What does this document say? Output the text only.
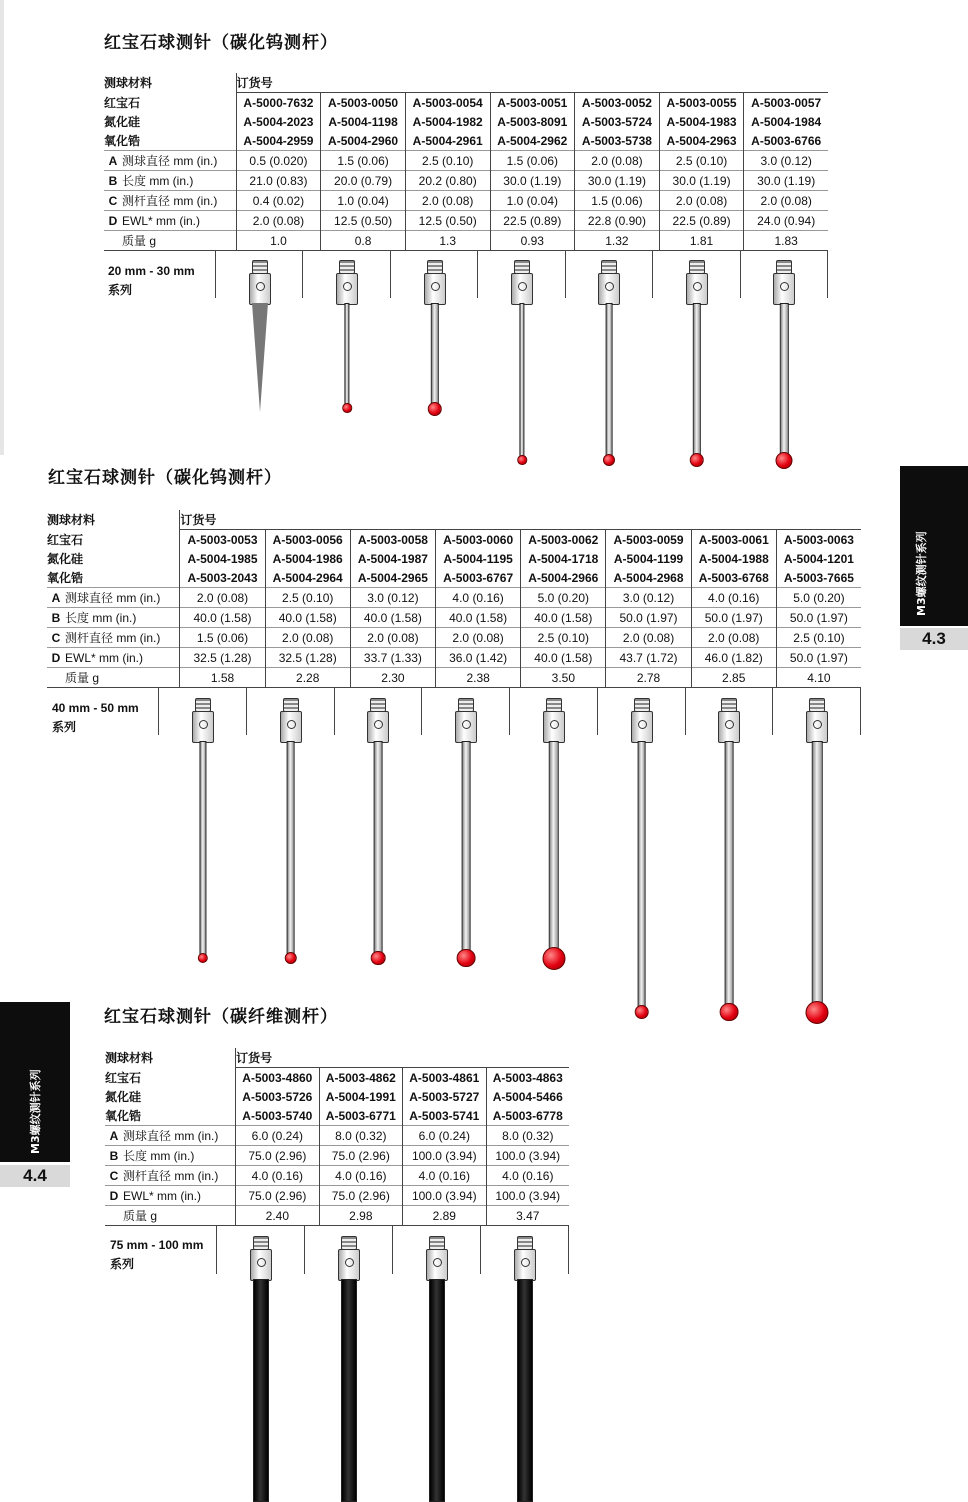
红宝石球测针（碳化钨测杆）
测球材料		订货号						
红宝石		A-5000-7632	A-5003-0050	A-5003-0054	A-5003-0051	A-5003-0052	A-5003-0055	A-5003-0057
氮化硅		A-5004-2023	A-5004-1198	A-5004-1982	A-5003-8091	A-5003-5724	A-5004-1983	A-5004-1984
氧化锆		A-5004-2959	A-5004-2960	A-5004-2961	A-5004-2962	A-5003-5738	A-5004-2963	A-5003-6766
A	测球直径 mm (in.)	0.5 (0.020)	1.5 (0.06)	2.5 (0.10)	1.5 (0.06)	2.0 (0.08)	2.5 (0.10)	3.0 (0.12)
B	长度 mm (in.)	21.0 (0.83)	20.0 (0.79)	20.2 (0.80)	30.0 (1.19)	30.0 (1.19)	30.0 (1.19)	30.0 (1.19)
C	测杆直径 mm (in.)	0.4 (0.02)	1.0 (0.04)	2.0 (0.08)	1.0 (0.04)	1.5 (0.06)	2.0 (0.08)	2.0 (0.08)
D	EWL* mm (in.)	2.0 (0.08)	12.5 (0.50)	12.5 (0.50)	22.5 (0.89)	22.8 (0.90)	22.5 (0.89)	24.0 (0.94)
	质量 g	1.0	0.8	1.3	0.93	1.32	1.81	1.83
20 mm - 30 mm
系列
红宝石球测针（碳化钨测杆）
测球材料		订货号							
红宝石		A-5003-0053	A-5003-0056	A-5003-0058	A-5003-0060	A-5003-0062	A-5003-0059	A-5003-0061	A-5003-0063
氮化硅		A-5004-1985	A-5004-1986	A-5004-1987	A-5004-1195	A-5004-1718	A-5004-1199	A-5004-1988	A-5004-1201
氧化锆		A-5003-2043	A-5004-2964	A-5004-2965	A-5003-6767	A-5004-2966	A-5004-2968	A-5003-6768	A-5003-7665
A	测球直径 mm (in.)	2.0 (0.08)	2.5 (0.10)	3.0 (0.12)	4.0 (0.16)	5.0 (0.20)	3.0 (0.12)	4.0 (0.16)	5.0 (0.20)
B	长度 mm (in.)	40.0 (1.58)	40.0 (1.58)	40.0 (1.58)	40.0 (1.58)	40.0 (1.58)	50.0 (1.97)	50.0 (1.97)	50.0 (1.97)
C	测杆直径 mm (in.)	1.5 (0.06)	2.0 (0.08)	2.0 (0.08)	2.0 (0.08)	2.5 (0.10)	2.0 (0.08)	2.0 (0.08)	2.5 (0.10)
D	EWL* mm (in.)	32.5 (1.28)	32.5 (1.28)	33.7 (1.33)	36.0 (1.42)	40.0 (1.58)	43.7 (1.72)	46.0 (1.82)	50.0 (1.97)
	质量 g	1.58	2.28	2.30	2.38	3.50	2.78	2.85	4.10
40 mm - 50 mm
系列
M3螺纹测针系列
4.3
M3螺纹测针系列
4.4
红宝石球测针（碳纤维测杆）
测球材料		订货号			
红宝石		A-5003-4860	A-5003-4862	A-5003-4861	A-5003-4863
氮化硅		A-5003-5726	A-5004-1991	A-5003-5727	A-5004-5466
氧化锆		A-5003-5740	A-5003-6771	A-5003-5741	A-5003-6778
A	测球直径 mm (in.)	6.0 (0.24)	8.0 (0.32)	6.0 (0.24)	8.0 (0.32)
B	长度 mm (in.)	75.0 (2.96)	75.0 (2.96)	100.0 (3.94)	100.0 (3.94)
C	测杆直径 mm (in.)	4.0 (0.16)	4.0 (0.16)	4.0 (0.16)	4.0 (0.16)
D	EWL* mm (in.)	75.0 (2.96)	75.0 (2.96)	100.0 (3.94)	100.0 (3.94)
	质量 g	2.40	2.98	2.89	3.47
75 mm - 100 mm
系列
